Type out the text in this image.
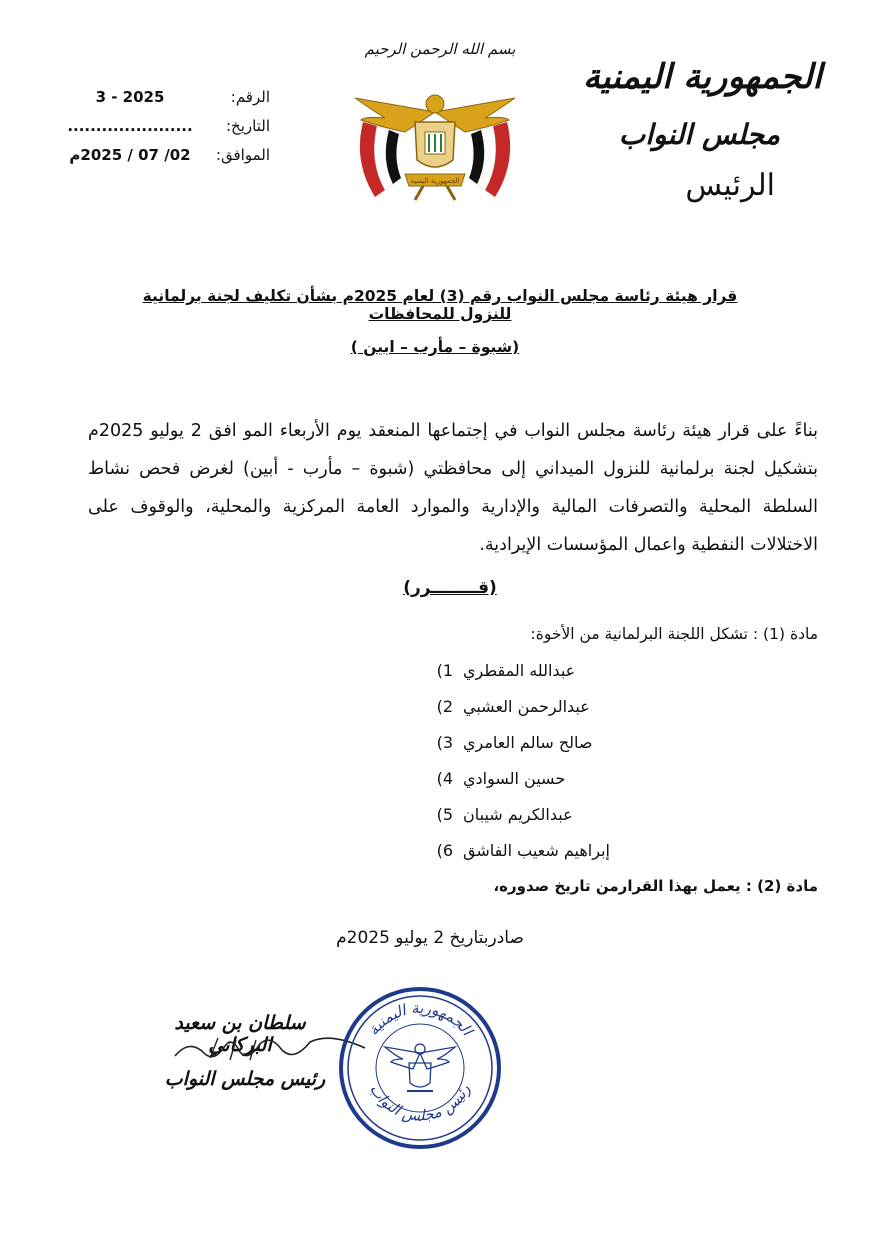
الجمهورية اليمنية
مجلس النواب
الرئيس
بسم الله الرحمن الرحيم
الجمهورية اليمنية
الرقم:
3 - 2025
التاريخ:
......................
الموافق:
02/ 07 / 2025م
قرار هيئة رئاسة مجلس النواب رقم (3) لعام 2025م بشأن تكليف لجنة برلمانية للنزول للمحافظات
(شبوة – مأرب – ابين )
بناءً على قرار هيئة رئاسة مجلس النواب في إجتماعها المنعقد يوم الأربعاء المو افق 2 يوليو 2025م بتشكيل لجنة برلمانية للنزول الميداني إلى محافظتي (شبوة – مأرب - أبين) لغرض فحص نشاط السلطة المحلية والتصرفات المالية والإدارية والموارد العامة المركزية والمحلية، والوقوف على الاختلالات النفطية واعمال المؤسسات الإيرادية.
(قــــــــرر)
مادة (1) : تشكل اللجنة البرلمانية من الأخوة:
1) عبدالله المقطري
2) عبدالرحمن العشبي
3) صالح سالم العامري
4) حسين السوادي
5) عبدالكريم شيبان
6) إبراهيم شعيب الفاشق
مادة (2) : يعمل بهذا القرارمن تاريخ صدوره،
صادربتاريخ 2 يوليو 2025م
سلطان بن سعيد البركاني
رئيس مجلس النواب
الجمهورية اليمنية
رئيس مجلس النواب
